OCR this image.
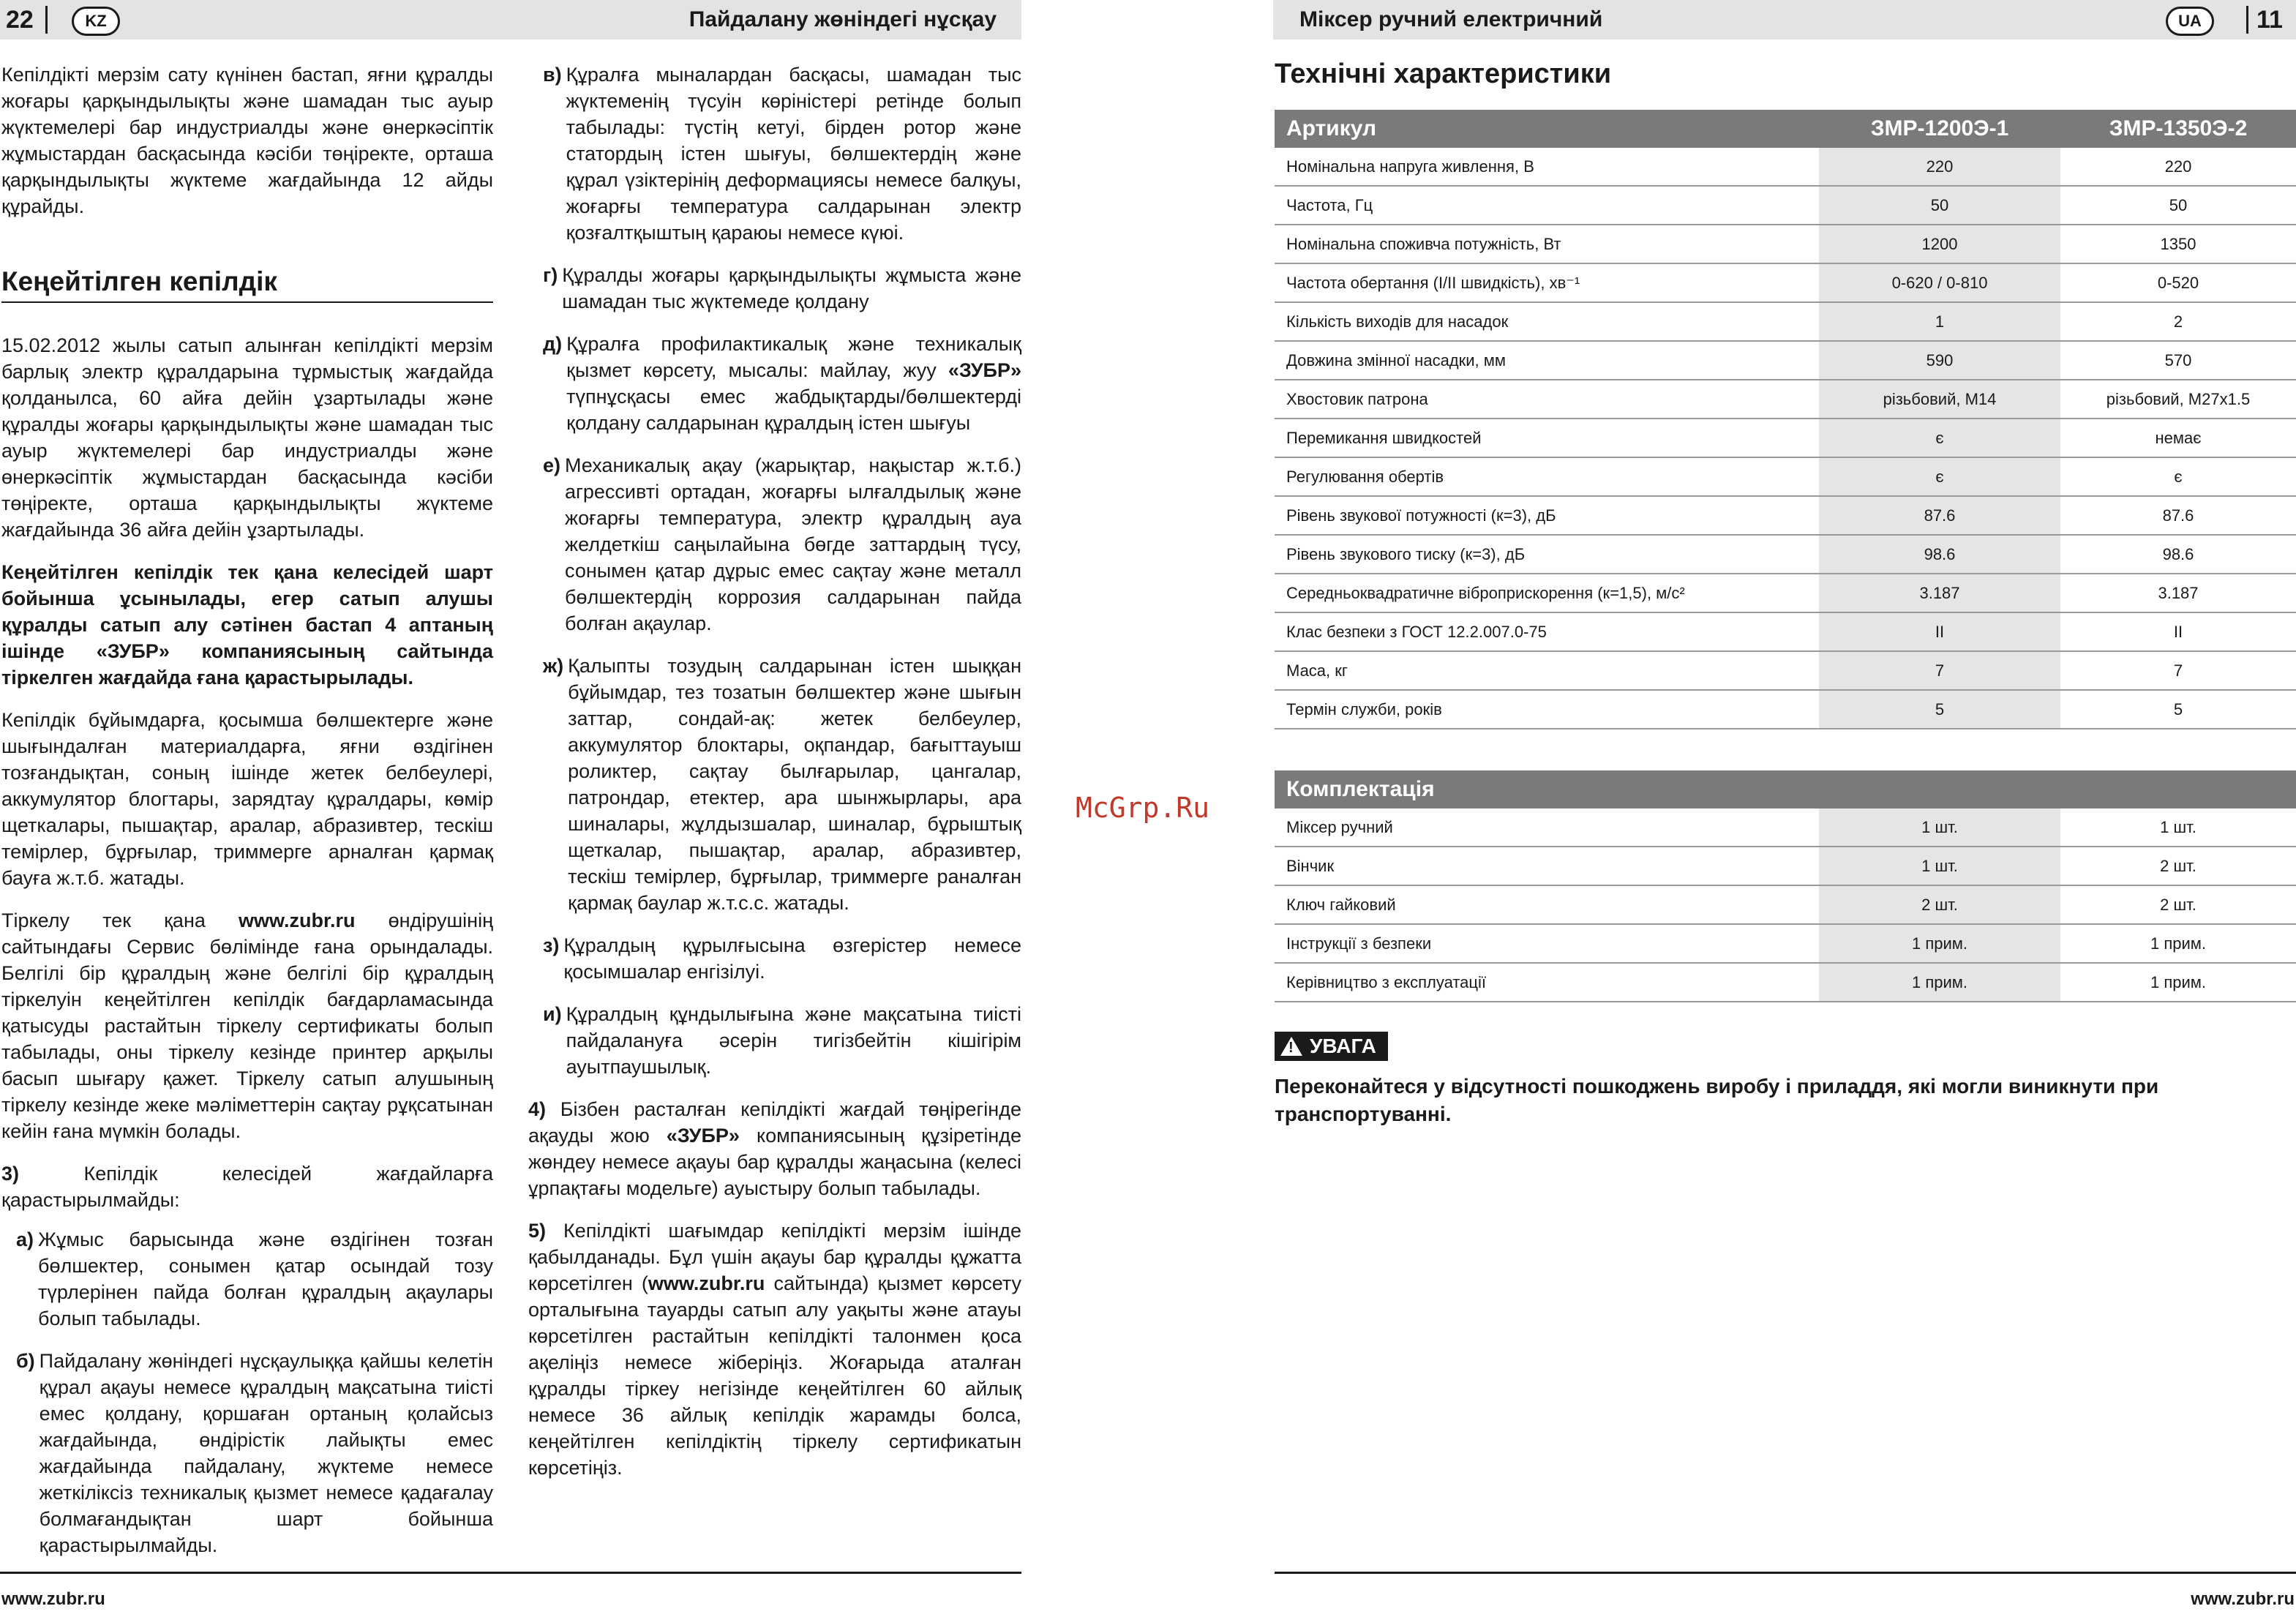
22	KZ	Пайдалану жөніндегі нұсқау

Кепілдікті мерзім сату күнінен бастап, яғни құралды жоғары қарқындылықты және шамадан тыс ауыр жүктемелері бар индустриалды және өнеркәсіптік жұмыстардан басқасында кәсіби төңіректе, орташа қарқындылықты жүктеме жағдайында 12 айды құрайды.

Кеңейтілген кепілдік

15.02.2012 жылы сатып алынған кепілдікті мерзім барлық электр құралдарына тұрмыстық жағдайда қолданылса, 60 айға дейін ұзартылады және құралды жоғары қарқындылықты және шамадан тыс ауыр жүктемелері бар индустриалды және өнеркәсіптік жұмыстардан басқасында кәсіби төңіректе, орташа қарқындылықты жүктеме жағдайында 36 айға дейін ұзартылады.

Кеңейтілген кепілдік тек қана келесідей шарт бойынша ұсынылады, егер сатып алушы құралды сатып алу сәтінен бастап 4 аптаның ішінде «ЗУБР» компаниясының сайтында тіркелген жағдайда ғана қарастырылады.

Кепілдік бұйымдарға, қосымша бөлшектерге және шығындалған материалдарға, яғни өздігінен тозғандықтан, соның ішінде жетек белбеулері, аккумулятор блогтары, зарядтау құралдары, көмір щеткалары, пышақтар, аралар, абразивтер, тескіш темірлер, бұрғылар, триммерге арналған қармақ бауға ж.т.б. жатады.

Тіркелу тек қана www.zubr.ru өндірушінің сайтындағы Сервис бөлімінде ғана орындалады. Белгілі бір құралдың және белгілі бір құралдың тіркелуін кеңейтілген кепілдік бағдарламасында қатысуды растайтын тіркелу сертификаты болып табылады, оны тіркелу кезінде принтер арқылы басып шығару қажет. Тіркелу сатып алушының тіркелу кезінде жеке мәліметтерін сақтау рұқсатынан кейін ғана мүмкін болады.

3) Кепілдік келесідей жағдайларға қарастырылмайды:

а) Жұмыс барысында және өздігінен тозған бөлшектер, сонымен қатар осындай тозу түрлерінен пайда болған құралдың ақаулары болып табылады.
б) Пайдалану жөніндегі нұсқаулыққа қайшы келетін құрал ақауы немесе құралдың мақсатына тиісті емес қолдану, қоршаған ортаның қолайсыз жағдайында, өндірістік лайықты емес жағдайында пайдалану, жүктеме немесе жеткіліксіз техникалық қызмет немесе қадағалау болмағандықтан шарт бойынша қарастырылмайды.
в) Құралға мыналардан басқасы, шамадан тыс жүктеменің түсуін көріністері ретінде болып табылады: түстің кетуі, бірден ротор және статордың істен шығуы, бөлшектердің және құрал үзіктерінің деформациясы немесе балқуы, жоғарғы температура салдарынан электр қозғалтқыштың қараюы немесе күюі.
г) Құралды жоғары қарқындылықты жұмыста және шамадан тыс жүктемеде қолдану
д) Құралға профилактикалық және техникалық қызмет көрсету, мысалы: майлау, жуу «ЗУБР» түпнұсқасы емес жабдықтарды/бөлшектерді қолдану салдарынан құралдың істен шығуы
е) Механикалық ақау (жарықтар, нақыстар ж.т.б.) агрессивті ортадан, жоғарғы ылғалдылық және жоғарғы температура, электр құралдың ауа желдеткіш саңылайына бөгде заттардың түсу, сонымен қатар дұрыс емес сақтау және металл бөлшектердің коррозия салдарынан пайда болған ақаулар.
ж) Қалыпты тозудың салдарынан істен шыққан бұйымдар, тез тозатын бөлшектер және шығын заттар, сондай-ақ: жетек белбеулер, аккумулятор блоктары, оқпандар, бағыттауыш роликтер, сақтау былғарылар, цангалар, патрондар, етектер, ара шынжырлары, ара шиналары, жұлдызшалар, шиналар, бұрыштық щеткалар, пышақтар, аралар, абразивтер, тескіш темірлер, бұрғылар, триммерге раналған қармақ баулар ж.т.с.с. жатады.
з) Құралдың құрылғысына өзгерістер немесе қосымшалар енгізілуі.
и) Құралдың құндылығына және мақсатына тиісті пайдалануға әсерін тигізбейтін кішігірім ауытпаушылық.

4) Бізбен расталған кепілдікті жағдай төңірегінде ақауды жою «ЗУБР» компаниясының құзіретінде жөндеу немесе ақауы бар құралды жаңасына (келесі ұрпақтағы модельге) ауыстыру болып табылады.

5) Кепілдікті шағымдар кепілдікті мерзім ішінде қабылданады. Бұл үшін ақауы бар құралды құжатта көрсетілген (www.zubr.ru сайтында) қызмет көрсету орталығына тауарды сатып алу уақыты және атауы көрсетілген растайтын кепілдікті талонмен қоса ақеліңіз немесе жіберіңіз. Жоғарыда аталған құралды тіркеу негізінде кеңейтілген 60 айлық немесе 36 айлық кепілдік жарамды болса, кеңейтілген кепілдіктің тіркелу сертификатын көрсетіңіз.

www.zubr.ru
McGrp.Ru
Міксер ручний електричний	UA	11
Технічні характеристики
Артикул	ЗМР-1200Э-1	ЗМР-1350Э-2
Номінальна напруга живлення, В	220	220
Частота, Гц	50	50
Номінальна споживча потужність, Вт	1200	1350
Частота обертання (I/II швидкість), хв⁻¹	0-620 / 0-810	0-520
Кількість виходів для насадок	1	2
Довжина змінної насадки, мм	590	570
Хвостовик патрона	різьбовий, М14	різьбовий, М27х1.5
Перемикання швидкостей	є	немає
Регулювання обертів	є	є
Рівень звукової потужності (к=3), дБ	87.6	87.6
Рівень звукового тиску (к=3), дБ	98.6	98.6
Середньоквадратичне віброприскорення (к=1,5), м/с²	3.187	3.187
Клас безпеки з ГОСТ 12.2.007.0-75	II	II
Маса, кг	7	7
Термін служби, років	5	5
Комплектація		
Міксер ручний	1 шт.	1 шт.
Вінчик	1 шт.	2 шт.
Ключ гайковий	2 шт.	2 шт.
Інструкції з безпеки	1 прим.	1 прим.
Керівництво з експлуатації	1 прим.	1 прим.
! УВАГА

Переконайтеся у відсутності пошкоджень виробу і приладдя, які могли виникнути при транспортуванні.

www.zubr.ru
